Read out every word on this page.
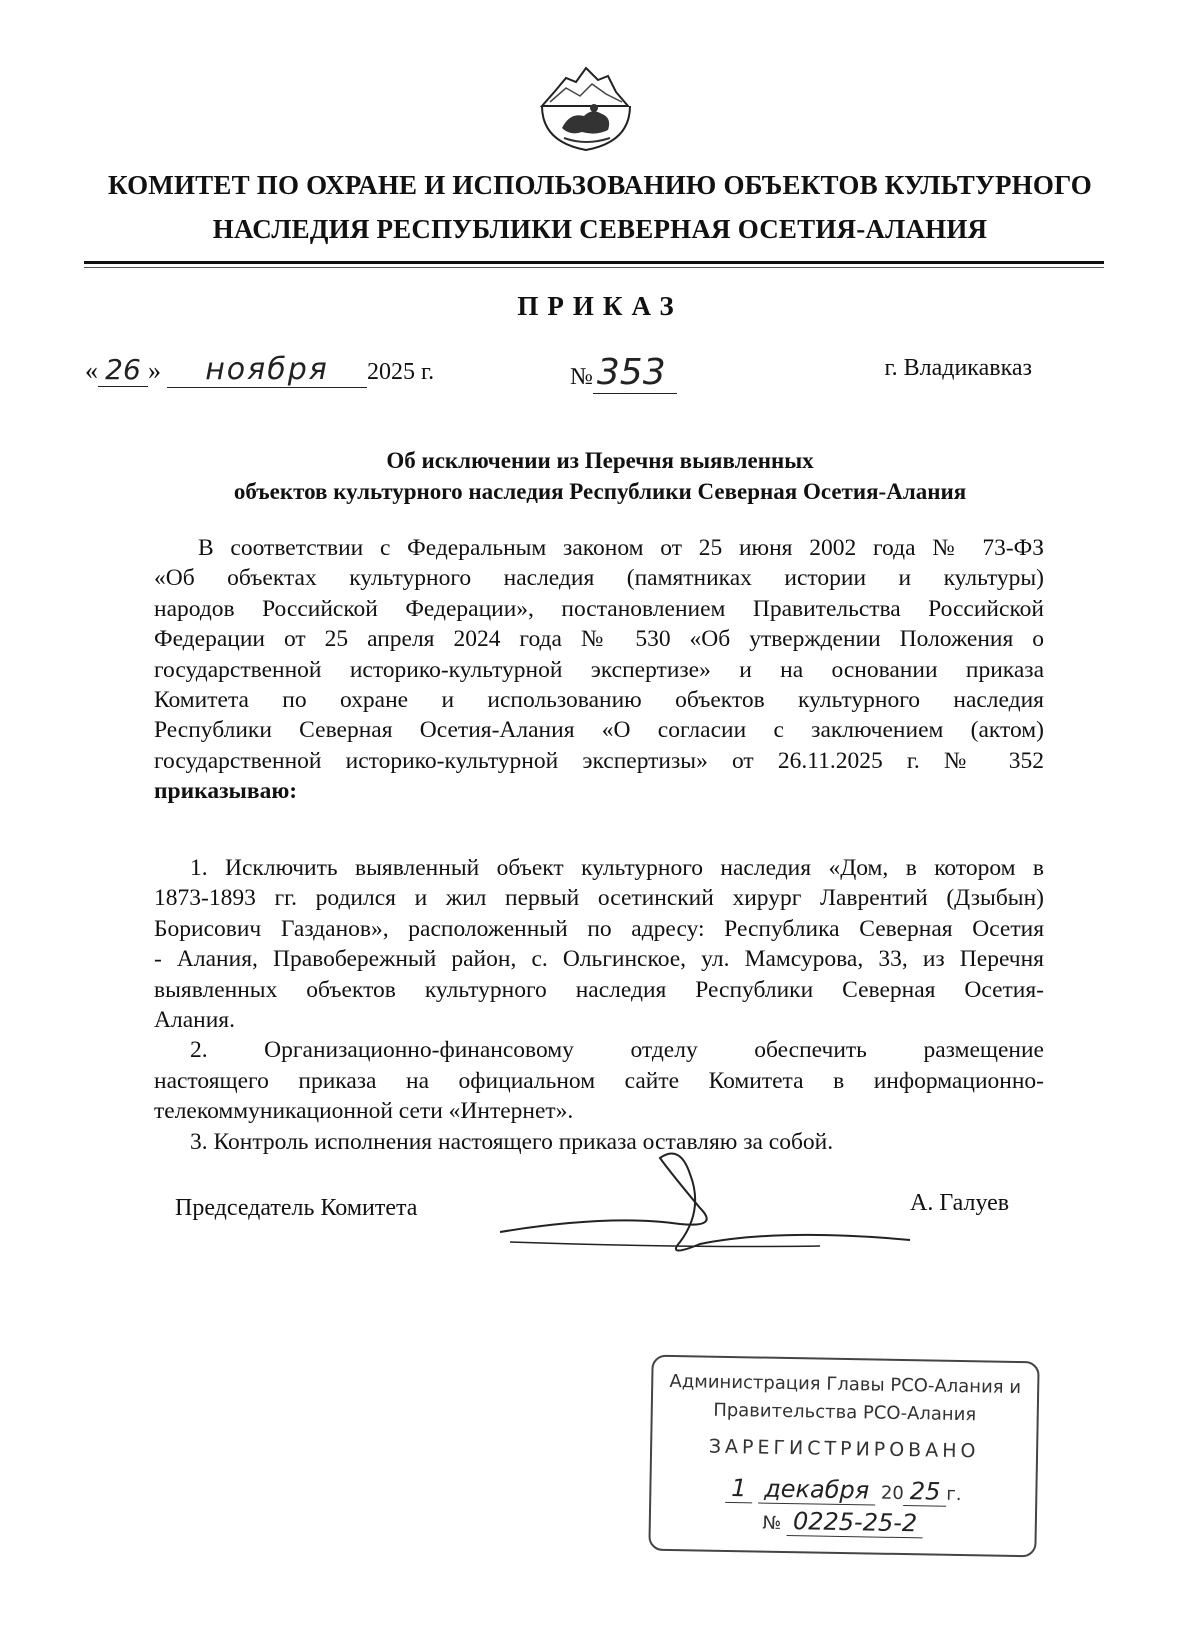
КОМИТЕТ ПО ОХРАНЕ И ИСПОЛЬЗОВАНИЮ ОБЪЕКТОВ КУЛЬТУРНОГО
НАСЛЕДИЯ РЕСПУБЛИКИ СЕВЕРНАЯ ОСЕТИЯ-АЛАНИЯ
ПРИКАЗ
« 26 » ноября 2025 г.	№ 353	г. Владикавказ
Об исключении из Перечня выявленных
объектов культурного наследия Республики Северная Осетия-Алания
В соответствии с Федеральным законом от 25 июня 2002 года № 73-ФЗ
«Об объектах культурного наследия (памятниках истории и культуры)
народов Российской Федерации», постановлением Правительства Российской
Федерации от 25 апреля 2024 года № 530 «Об утверждении Положения о
государственной историко-культурной экспертизе» и на основании приказа
Комитета по охране и использованию объектов культурного наследия
Республики Северная Осетия-Алания «О согласии с заключением (актом)
государственной историко-культурной экспертизы» от 26.11.2025 г. № 352
приказываю:
1. Исключить выявленный объект культурного наследия «Дом, в котором в
1873-1893 гг. родился и жил первый осетинский хирург Лаврентий (Дзыбын)
Борисович Газданов», расположенный по адресу: Республика Северная Осетия
- Алания, Правобережный район, с. Ольгинское, ул. Мамсурова, 33, из Перечня
выявленных объектов культурного наследия Республики Северная Осетия-
Алания.
2. Организационно-финансовому отделу обеспечить размещение
настоящего приказа на официальном сайте Комитета в информационно-
телекоммуникационной сети «Интернет».
3. Контроль исполнения настоящего приказа оставляю за собой.
Председатель Комитета	А. Галуев
Администрация Главы РСО-Алания и
Правительства РСО-Алания
ЗАРЕГИСТРИРОВАНО
1 декабря 20 25 г.
№ 0225-25-2
